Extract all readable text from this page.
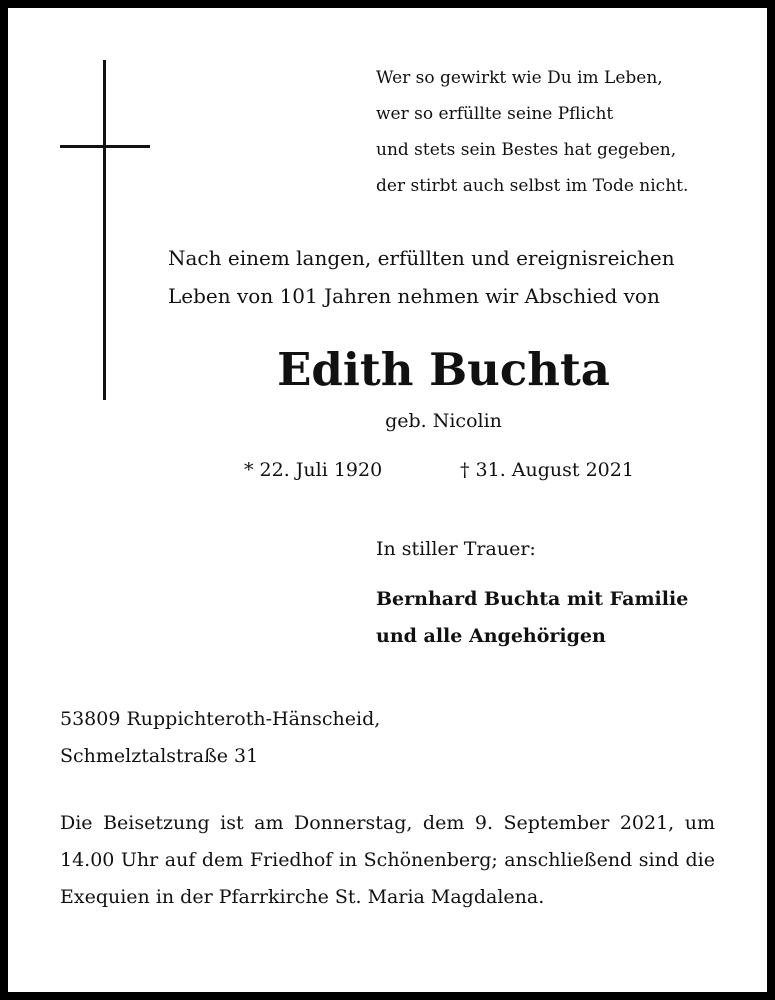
Wer so gewirkt wie Du im Leben,
wer so erfüllte seine Pflicht
und stets sein Bestes hat gegeben,
der stirbt auch selbst im Tode nicht.
Nach einem langen, erfüllten und ereignisreichen
Leben von 101 Jahren nehmen wir Abschied von
Edith Buchta
geb. Nicolin
* 22. Juli 1920	† 31. August 2021
In stiller Trauer:
Bernhard Buchta mit Familie
und alle Angehörigen
53809 Ruppichteroth-Hänscheid,
Schmelztalstraße 31
Die Beisetzung ist am Donnerstag, dem 9. September 2021, um 14.00 Uhr auf dem Friedhof in Schönenberg; anschließend sind die Exequien in der Pfarrkirche St. Maria Magdalena.
